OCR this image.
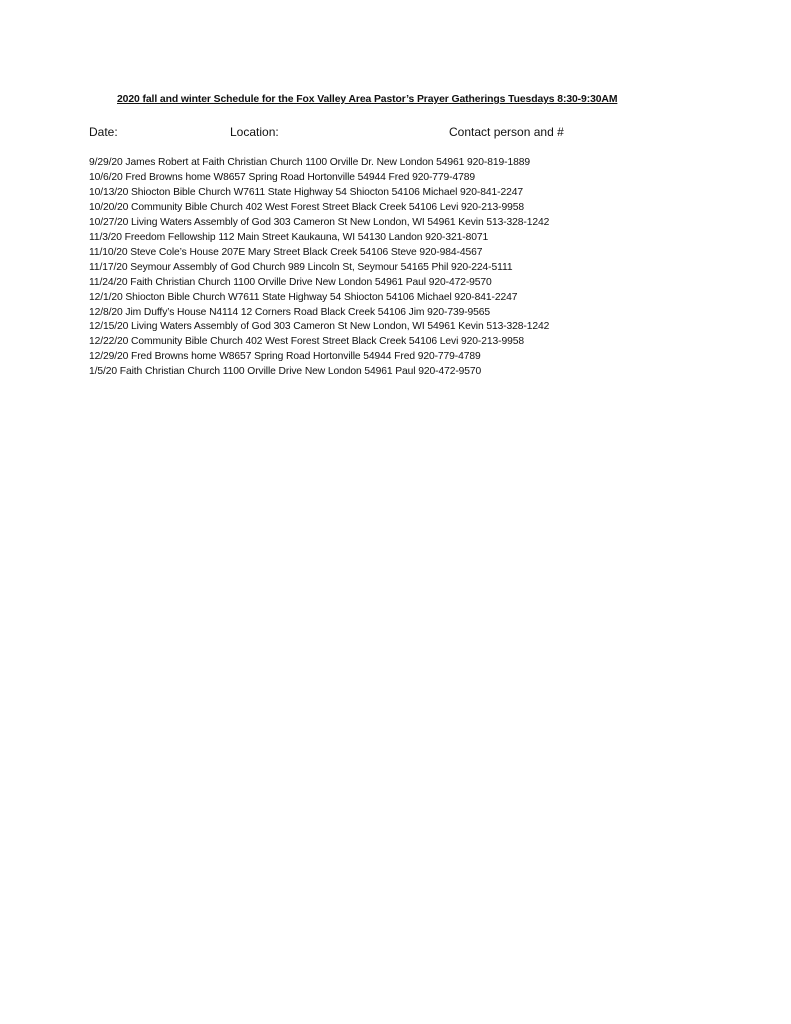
2020 fall and winter Schedule for the Fox Valley Area Pastor’s Prayer Gatherings Tuesdays 8:30-9:30AM
Date:	Location:	Contact person and #
9/29/20 James Robert at Faith Christian Church 1100 Orville Dr. New London 54961 920-819-1889
10/6/20 Fred Browns home W8657 Spring Road Hortonville 54944 Fred 920-779-4789
10/13/20 Shiocton Bible Church W7611 State Highway 54 Shiocton 54106 Michael 920-841-2247
10/20/20 Community Bible Church 402 West Forest Street Black Creek 54106 Levi 920-213-9958
10/27/20 Living Waters Assembly of God 303 Cameron St New London, WI 54961 Kevin 513-328-1242
11/3/20 Freedom Fellowship 112 Main Street Kaukauna, WI 54130 Landon 920-321-8071
11/10/20 Steve Cole’s House 207E Mary Street Black Creek 54106 Steve 920-984-4567
11/17/20 Seymour Assembly of God Church 989 Lincoln St, Seymour 54165 Phil 920-224-5111
11/24/20 Faith Christian Church 1100 Orville Drive New London 54961 Paul 920-472-9570
12/1/20 Shiocton Bible Church W7611 State Highway 54 Shiocton 54106 Michael 920-841-2247
12/8/20 Jim Duffy’s House N4114 12 Corners Road Black Creek 54106 Jim 920-739-9565
12/15/20 Living Waters Assembly of God 303 Cameron St New London, WI 54961 Kevin 513-328-1242
12/22/20 Community Bible Church 402 West Forest Street Black Creek 54106 Levi 920-213-9958
12/29/20 Fred Browns home W8657 Spring Road Hortonville 54944 Fred 920-779-4789
1/5/20 Faith Christian Church 1100 Orville Drive New London 54961 Paul 920-472-9570
